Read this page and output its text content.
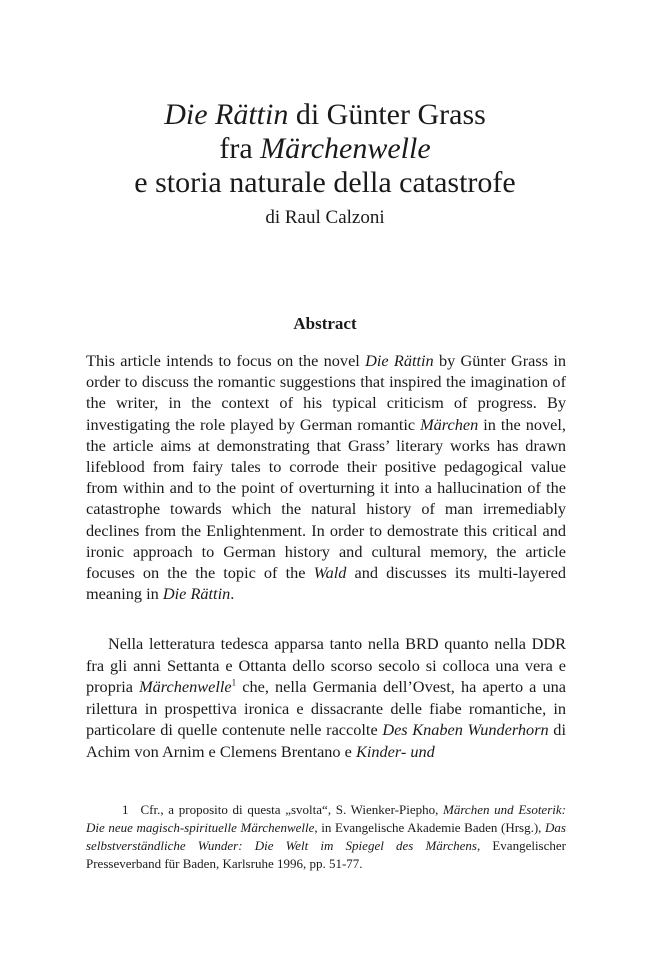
Die Rättin di Günter Grass
fra Märchenwelle
e storia naturale della catastrofe
di Raul Calzoni
Abstract

This article intends to focus on the novel Die Rättin by Günter Grass in order to discuss the romantic suggestions that inspired the imagination of the writer, in the context of his typical criticism of progress. By investigating the role played by German romantic Märchen in the novel, the article aims at demonstrating that Grass’ literary works has drawn lifeblood from fairy tales to corrode their positive pedagogical value from within and to the point of overturning it into a hallucination of the catastrophe towards which the natural history of man irremediably declines from the Enlightenment. In order to demostrate this critical and ironic approach to German history and cultural memory, the article focuses on the the topic of the Wald and discusses its multi-layered meaning in Die Rättin.

Nella letteratura tedesca apparsa tanto nella BRD quanto nella DDR fra gli anni Settanta e Ottanta dello scorso secolo si colloca una vera e propria Märchenwelle$^1$ che, nella Germania dell’Ovest, ha aperto a una rilettura in prospettiva ironica e dissacrante delle fiabe romantiche, in particolare di quelle contenute nelle raccolte Des Knaben Wunderhorn di Achim von Arnim e Clemens Brentano e Kinder- und

1 Cfr., a proposito di questa „svolta“, S. Wienker-Piepho, Märchen und Esoterik: Die neue magisch-spirituelle Märchenwelle, in Evangelische Akademie Baden (Hrsg.), Das selbstverständliche Wunder: Die Welt im Spiegel des Märchens, Evangelischer Presseverband für Baden, Karlsruhe 1996, pp. 51-77.
